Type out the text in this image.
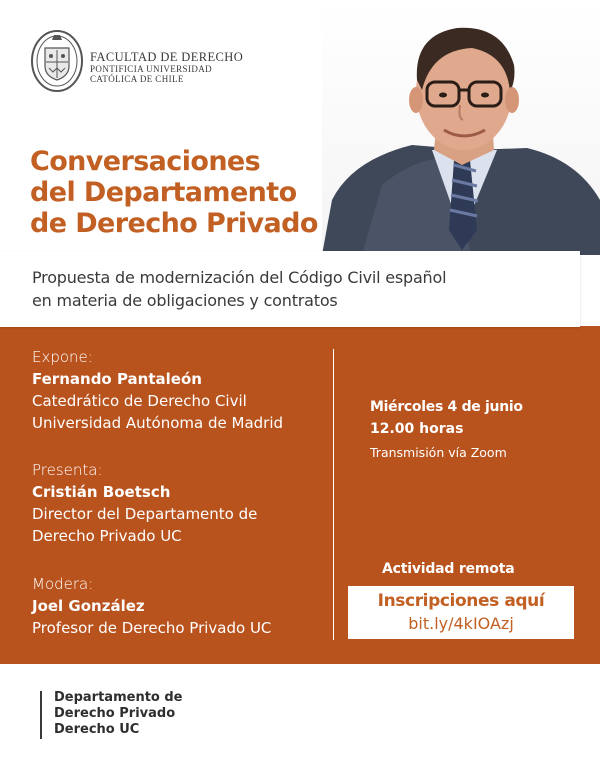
FACULTAD DE DERECHO
PONTIFICIA UNIVERSIDAD
CATÓLICA DE CHILE
Conversaciones
del Departamento
de Derecho Privado
Propuesta de modernización del Código Civil español
en materia de obligaciones y contratos
Expone:
Fernando Pantaleón
Catedrático de Derecho Civil
Universidad Autónoma de Madrid
Presenta:
Cristián Boetsch
Director del Departamento de
Derecho Privado UC
Modera:
Joel González
Profesor de Derecho Privado UC
Miércoles 4 de junio
12.00 horas
Transmisión vía Zoom
Actividad remota
Inscripciones aquí
bit.ly/4kIOAzj
Departamento de
Derecho Privado
Derecho UC
